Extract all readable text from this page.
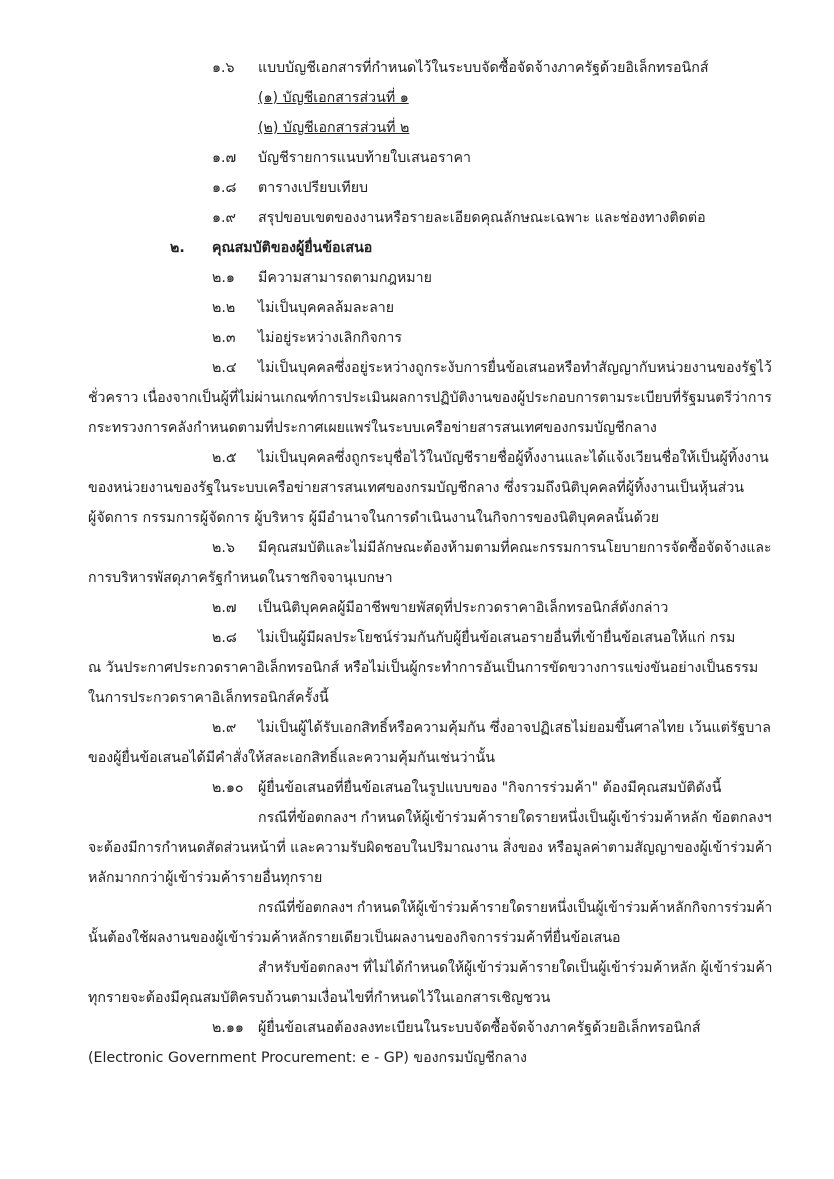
๑.๖ แบบบัญชีเอกสารที่กำหนดไว้ในระบบจัดซื้อจัดจ้างภาครัฐด้วยอิเล็กทรอนิกส์
(๑) บัญชีเอกสารส่วนที่ ๑
(๒) บัญชีเอกสารส่วนที่ ๒
๑.๗ บัญชีรายการแนบท้ายใบเสนอราคา
๑.๘ ตารางเปรียบเทียบ
๑.๙ สรุปขอบเขตของงานหรือรายละเอียดคุณลักษณะเฉพาะ และช่องทางติดต่อ
๒. คุณสมบัติของผู้ยื่นข้อเสนอ
๒.๑ มีความสามารถตามกฎหมาย
๒.๒ ไม่เป็นบุคคลล้มละลาย
๒.๓ ไม่อยู่ระหว่างเลิกกิจการ
๒.๔ ไม่เป็นบุคคลซึ่งอยู่ระหว่างถูกระงับการยื่นข้อเสนอหรือทำสัญญากับหน่วยงานของรัฐไว้
ชั่วคราว เนื่องจากเป็นผู้ที่ไม่ผ่านเกณฑ์การประเมินผลการปฏิบัติงานของผู้ประกอบการตามระเบียบที่รัฐมนตรีว่าการ
กระทรวงการคลังกำหนดตามที่ประกาศเผยแพร่ในระบบเครือข่ายสารสนเทศของกรมบัญชีกลาง
๒.๕ ไม่เป็นบุคคลซึ่งถูกระบุชื่อไว้ในบัญชีรายชื่อผู้ทิ้งงานและได้แจ้งเวียนชื่อให้เป็นผู้ทิ้งงาน
ของหน่วยงานของรัฐในระบบเครือข่ายสารสนเทศของกรมบัญชีกลาง ซึ่งรวมถึงนิติบุคคลที่ผู้ทิ้งงานเป็นหุ้นส่วน
ผู้จัดการ กรรมการผู้จัดการ ผู้บริหาร ผู้มีอำนาจในการดำเนินงานในกิจการของนิติบุคคลนั้นด้วย
๒.๖ มีคุณสมบัติและไม่มีลักษณะต้องห้ามตามที่คณะกรรมการนโยบายการจัดซื้อจัดจ้างและ
การบริหารพัสดุภาครัฐกำหนดในราชกิจจานุเบกษา
๒.๗ เป็นนิติบุคคลผู้มีอาชีพขายพัสดุที่ประกวดราคาอิเล็กทรอนิกส์ดังกล่าว
๒.๘ ไม่เป็นผู้มีผลประโยชน์ร่วมกันกับผู้ยื่นข้อเสนอรายอื่นที่เข้ายื่นข้อเสนอให้แก่ กรม
ณ วันประกาศประกวดราคาอิเล็กทรอนิกส์ หรือไม่เป็นผู้กระทำการอันเป็นการขัดขวางการแข่งขันอย่างเป็นธรรม
ในการประกวดราคาอิเล็กทรอนิกส์ครั้งนี้
๒.๙ ไม่เป็นผู้ได้รับเอกสิทธิ์หรือความคุ้มกัน ซึ่งอาจปฏิเสธไม่ยอมขึ้นศาลไทย เว้นแต่รัฐบาล
ของผู้ยื่นข้อเสนอได้มีคำสั่งให้สละเอกสิทธิ์และความคุ้มกันเช่นว่านั้น
๒.๑๐ ผู้ยื่นข้อเสนอที่ยื่นข้อเสนอในรูปแบบของ "กิจการร่วมค้า" ต้องมีคุณสมบัติดังนี้
กรณีที่ข้อตกลงฯ กำหนดให้ผู้เข้าร่วมค้ารายใดรายหนึ่งเป็นผู้เข้าร่วมค้าหลัก ข้อตกลงฯ
จะต้องมีการกำหนดสัดส่วนหน้าที่ และความรับผิดชอบในปริมาณงาน สิ่งของ หรือมูลค่าตามสัญญาของผู้เข้าร่วมค้า
หลักมากกว่าผู้เข้าร่วมค้ารายอื่นทุกราย
กรณีที่ข้อตกลงฯ กำหนดให้ผู้เข้าร่วมค้ารายใดรายหนึ่งเป็นผู้เข้าร่วมค้าหลักกิจการร่วมค้า
นั้นต้องใช้ผลงานของผู้เข้าร่วมค้าหลักรายเดียวเป็นผลงานของกิจการร่วมค้าที่ยื่นข้อเสนอ
สำหรับข้อตกลงฯ ที่ไม่ได้กำหนดให้ผู้เข้าร่วมค้ารายใดเป็นผู้เข้าร่วมค้าหลัก ผู้เข้าร่วมค้า
ทุกรายจะต้องมีคุณสมบัติครบถ้วนตามเงื่อนไขที่กำหนดไว้ในเอกสารเชิญชวน
๒.๑๑ ผู้ยื่นข้อเสนอต้องลงทะเบียนในระบบจัดซื้อจัดจ้างภาครัฐด้วยอิเล็กทรอนิกส์
(Electronic Government Procurement: e - GP) ของกรมบัญชีกลาง
